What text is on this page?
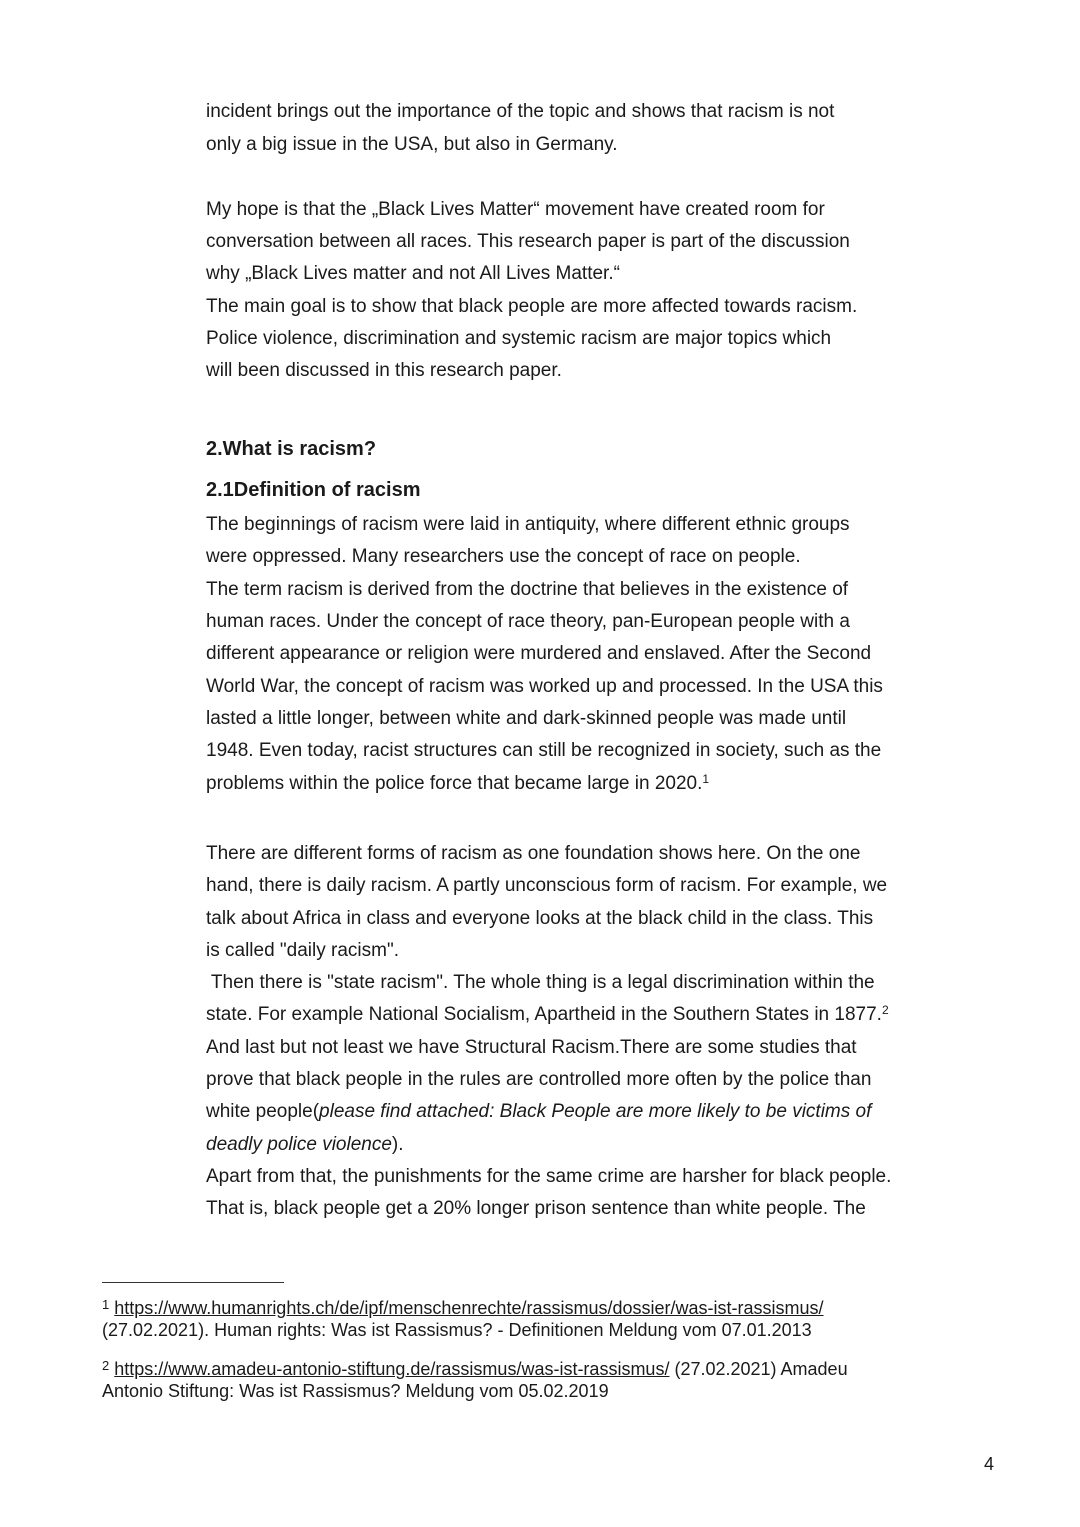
incident brings out the importance of the topic and shows that racism is not
only a big issue in the USA, but also in Germany.
My hope is that the „Black Lives Matter“ movement have created room for
conversation between all races. This research paper is part of the discussion
why „Black Lives matter and not All Lives Matter.“
The main goal is to show that black people are more affected towards racism.
Police violence, discrimination and systemic racism are major topics which
will been discussed in this research paper.
2.What is racism?
2.1Definition of racism
The beginnings of racism were laid in antiquity, where different ethnic groups
were oppressed. Many researchers use the concept of race on people.
The term racism is derived from the doctrine that believes in the existence of
human races. Under the concept of race theory, pan-European people with a
different appearance or religion were murdered and enslaved. After the Second
World War, the concept of racism was worked up and processed. In the USA this
lasted a little longer, between white and dark-skinned people was made until
1948. Even today, racist structures can still be recognized in society, such as the
problems within the police force that became large in 2020.$^1$
There are different forms of racism as one foundation shows here. On the one
hand, there is daily racism. A partly unconscious form of racism. For example, we
talk about Africa in class and everyone looks at the black child in the class. This
is called "daily racism".
Then there is "state racism". The whole thing is a legal discrimination within the
state. For example National Socialism, Apartheid in the Southern States in 1877.$^2$
And last but not least we have Structural Racism.There are some studies that
prove that black people in the rules are controlled more often by the police than
white people(please find attached: Black People are more likely to be victims of
deadly police violence).
Apart from that, the punishments for the same crime are harsher for black people.
That is, black people get a 20% longer prison sentence than white people. The
$^1$ https://www.humanrights.ch/de/ipf/menschenrechte/rassismus/dossier/was-ist-rassismus/
(27.02.2021). Human rights: Was ist Rassismus? - Definitionen Meldung vom 07.01.2013
$^2$ https://www.amadeu-antonio-stiftung.de/rassismus/was-ist-rassismus/ (27.02.2021) Amadeu
Antonio Stiftung: Was ist Rassismus? Meldung vom 05.02.2019
4
